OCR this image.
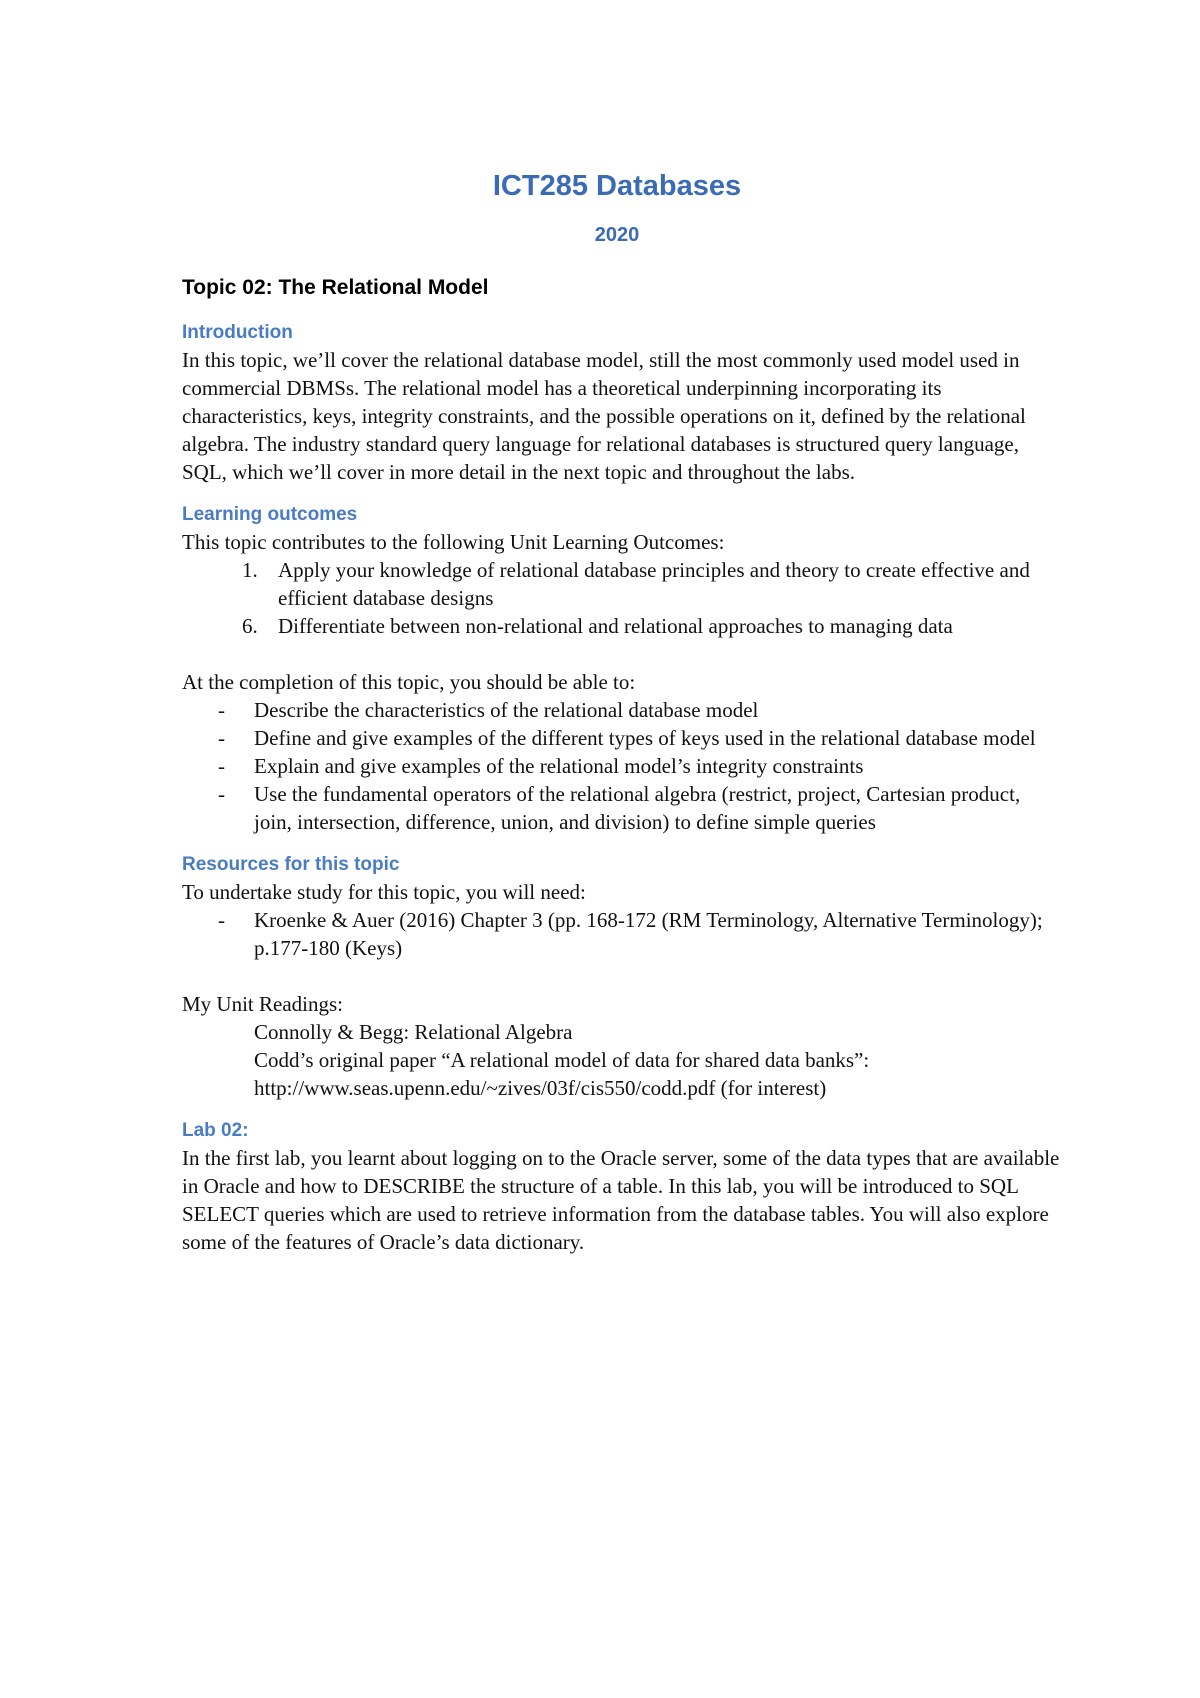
ICT285 Databases
2020
Topic 02: The Relational Model
Introduction

In this topic, we’ll cover the relational database model, still the most commonly used model used in commercial DBMSs. The relational model has a theoretical underpinning incorporating its characteristics, keys, integrity constraints, and the possible operations on it, defined by the relational algebra. The industry standard query language for relational databases is structured query language, SQL, which we’ll cover in more detail in the next topic and throughout the labs.

Learning outcomes

This topic contributes to the following Unit Learning Outcomes:

1. Apply your knowledge of relational database principles and theory to create effective and efficient database designs
6. Differentiate between non-relational and relational approaches to managing data

At the completion of this topic, you should be able to:

- Describe the characteristics of the relational database model
- Define and give examples of the different types of keys used in the relational database model
- Explain and give examples of the relational model’s integrity constraints
- Use the fundamental operators of the relational algebra (restrict, project, Cartesian product, join, intersection, difference, union, and division) to define simple queries
Resources for this topic

To undertake study for this topic, you will need:

- Kroenke & Auer (2016) Chapter 3 (pp. 168-172 (RM Terminology, Alternative Terminology); p.177-180 (Keys)

My Unit Readings:

Connolly & Begg: Relational Algebra

Codd’s original paper “A relational model of data for shared data banks”:

http://www.seas.upenn.edu/~zives/03f/cis550/codd.pdf (for interest)

Lab 02:

In the first lab, you learnt about logging on to the Oracle server, some of the data types that are available in Oracle and how to DESCRIBE the structure of a table. In this lab, you will be introduced to SQL SELECT queries which are used to retrieve information from the database tables. You will also explore some of the features of Oracle’s data dictionary.
